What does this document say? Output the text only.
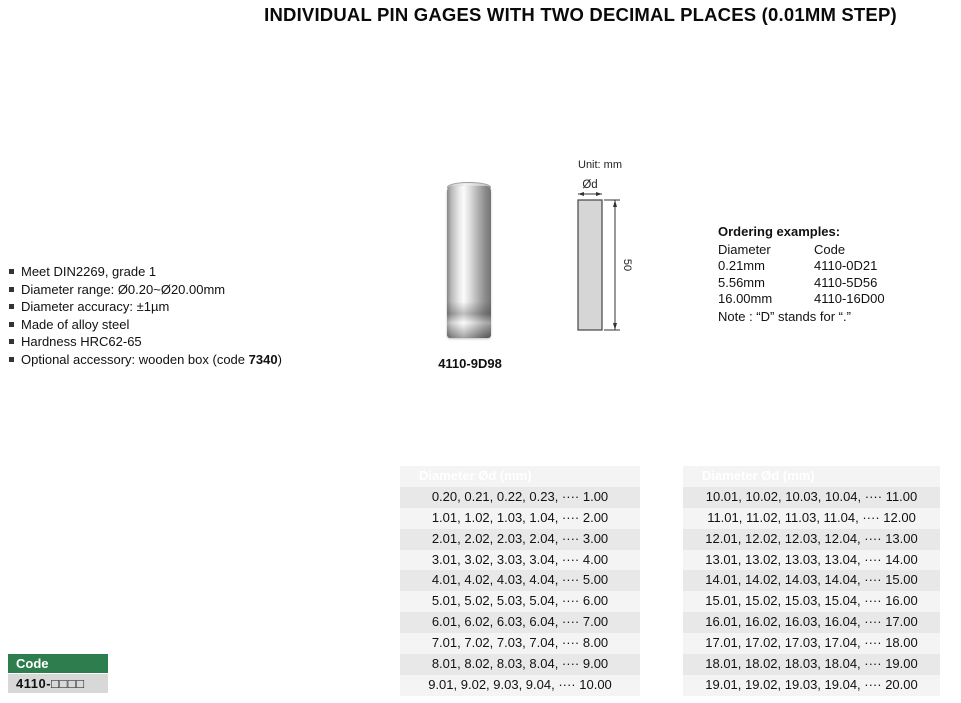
INDIVIDUAL PIN GAGES WITH TWO DECIMAL PLACES (0.01MM STEP)
Meet DIN2269, grade 1
Diameter range: Ø0.20~Ø20.00mm
Diameter accuracy: ±1µm
Made of alloy steel
Hardness HRC62-65
Optional accessory: wooden box (code 7340)	4110-9D98
Unit: mm
Ød
50
Ordering examples:
Diameter	Code
0.21mm	4110-0D21
5.56mm	4110-5D56
16.00mm	4110-16D00
Note : “D” stands for “.”
Diameter Ød (mm)
0.20, 0.21, 0.22, 0.23, ···· 1.00
1.01, 1.02, 1.03, 1.04, ···· 2.00
2.01, 2.02, 2.03, 2.04, ···· 3.00
3.01, 3.02, 3.03, 3.04, ···· 4.00
4.01, 4.02, 4.03, 4.04, ···· 5.00
5.01, 5.02, 5.03, 5.04, ···· 6.00
6.01, 6.02, 6.03, 6.04, ···· 7.00
7.01, 7.02, 7.03, 7.04, ···· 8.00
8.01, 8.02, 8.03, 8.04, ···· 9.00
9.01, 9.02, 9.03, 9.04, ···· 10.00
Diameter Ød (mm)
10.01, 10.02, 10.03, 10.04, ···· 11.00
11.01, 11.02, 11.03, 11.04, ···· 12.00
12.01, 12.02, 12.03, 12.04, ···· 13.00
13.01, 13.02, 13.03, 13.04, ···· 14.00
14.01, 14.02, 14.03, 14.04, ···· 15.00
15.01, 15.02, 15.03, 15.04, ···· 16.00
16.01, 16.02, 16.03, 16.04, ···· 17.00
17.01, 17.02, 17.03, 17.04, ···· 18.00
18.01, 18.02, 18.03, 18.04, ···· 19.00
19.01, 19.02, 19.03, 19.04, ···· 20.00
Code
4110-□□□□
